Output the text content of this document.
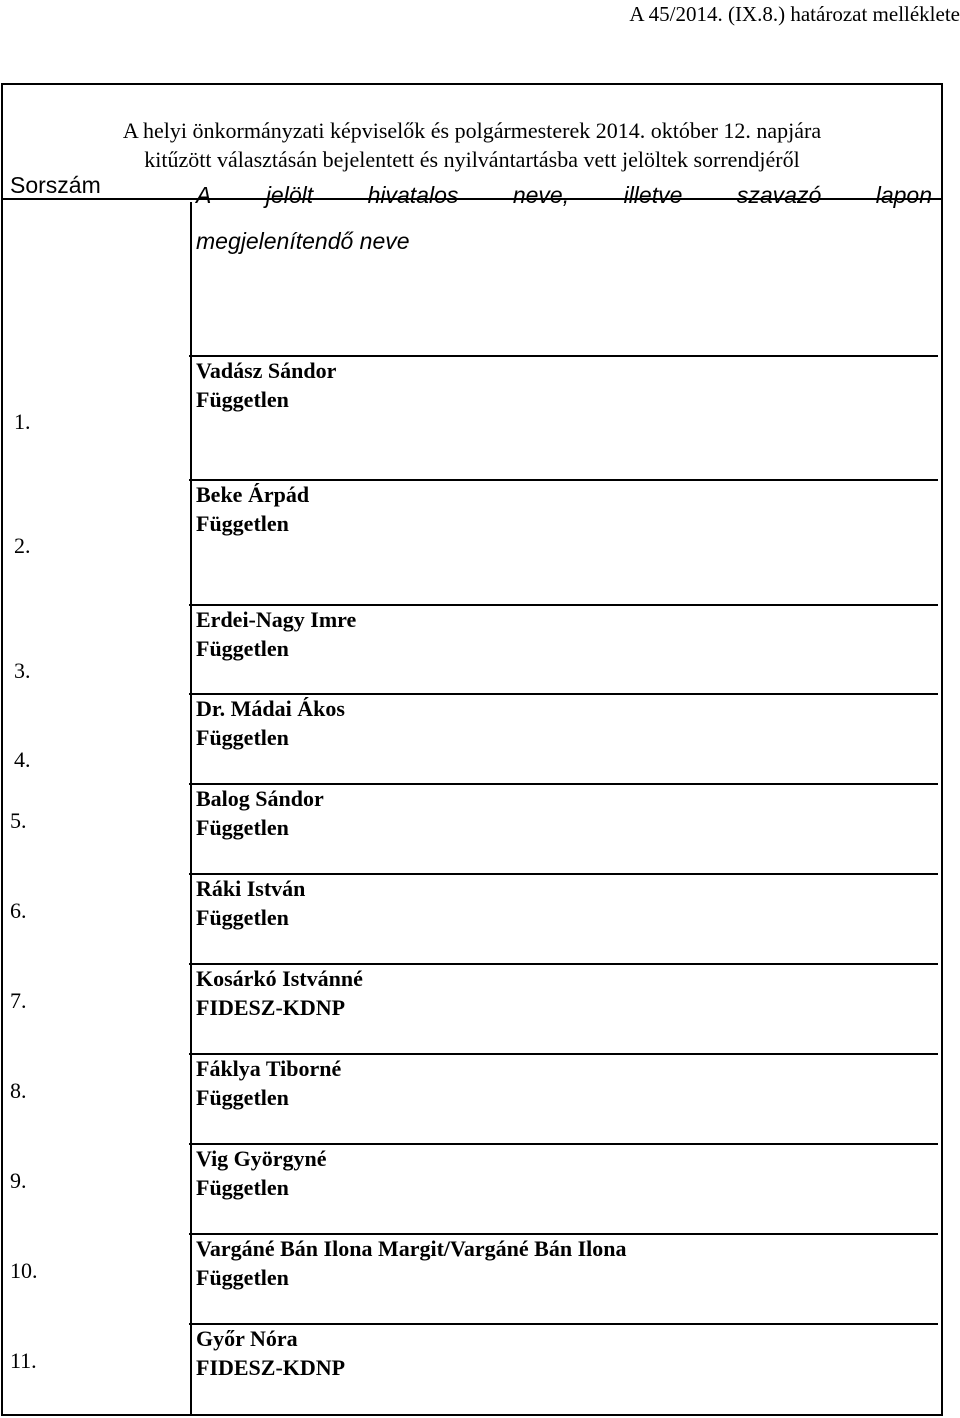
A 45/2014. (IX.8.) határozat melléklete
A helyi önkormányzati képviselők és polgármesterek 2014. október 12. napjára
kitűzött választásán bejelentett és nyilvántartásba vett jelöltek sorrendjéről
Sorszám	A jelölt hivatalos neve, illetve szavazó lapon
megjelenítendő neve
1.
Vadász Sándor
Független
2.
Beke Árpád
Független
3.
Erdei-Nagy Imre
Független
4.
Dr. Mádai Ákos
Független
5.
Balog Sándor
Független
6.
Ráki István
Független
7.
Kosárkó Istvánné
FIDESZ-KDNP
8.
Fáklya Tiborné
Független
9.
Vig Györgyné
Független
10.
Vargáné Bán Ilona Margit/Vargáné Bán Ilona
Független
11.
Győr Nóra
FIDESZ-KDNP
